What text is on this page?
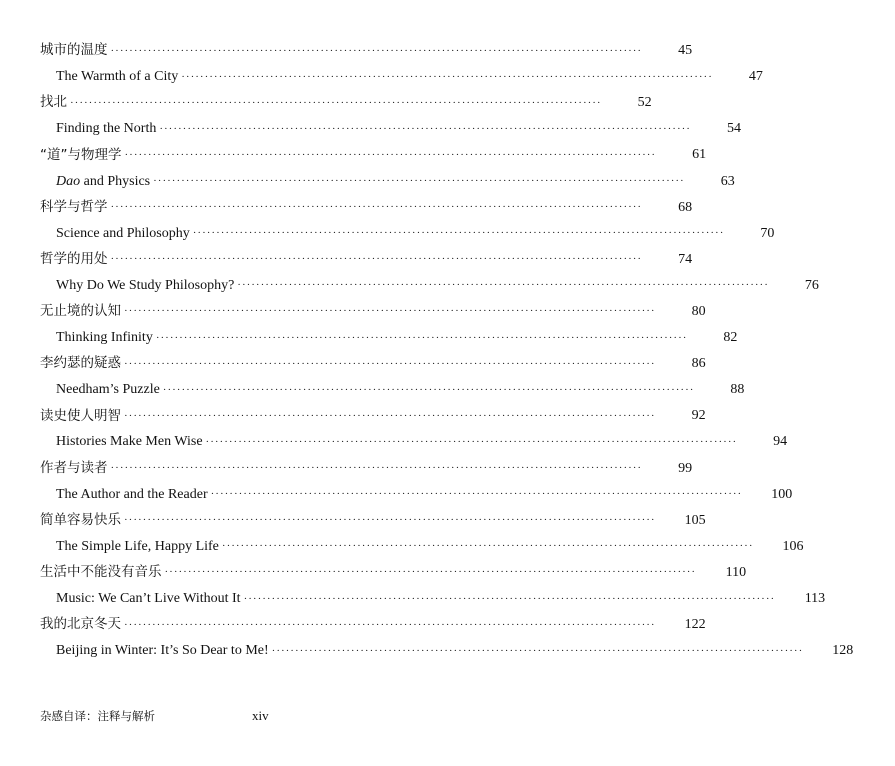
城市的温度 ··················································································································	45
The Warmth of a City ··················································································································	47
找北 ··················································································································	52
Finding the North ··················································································································	54
“道”与物理学 ··················································································································	61
Dao and Physics ··················································································································	63
科学与哲学 ··················································································································	68
Science and Philosophy ··················································································································	70
哲学的用处 ··················································································································	74
Why Do We Study Philosophy? ··················································································································	76
无止境的认知 ··················································································································	80
Thinking Infinity ··················································································································	82
李约瑟的疑惑 ··················································································································	86
Needham’s Puzzle ··················································································································	88
读史使人明智 ··················································································································	92
Histories Make Men Wise ··················································································································	94
作者与读者 ··················································································································	99
The Author and the Reader ··················································································································	100
简单容易快乐 ··················································································································	105
The Simple Life, Happy Life ··················································································································	106
生活中不能没有音乐 ··················································································································	110
Music: We Can’t Live Without It ··················································································································	113
我的北京冬天 ··················································································································	122
Beijing in Winter: It’s So Dear to Me! ··················································································································	128
杂感自译：注释与解析	xiv
